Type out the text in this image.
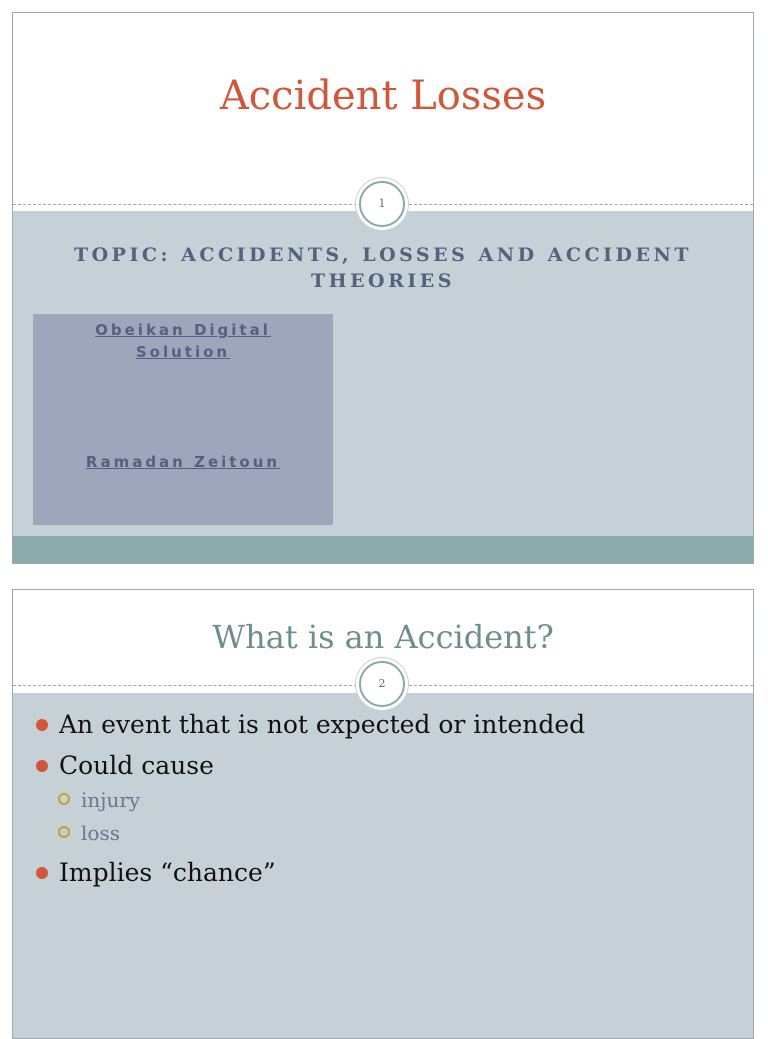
Accident Losses
1
TOPIC: ACCIDENTS, LOSSES AND ACCIDENT THEORIES
Obeikan Digital Solution
Ramadan Zeitoun
What is an Accident?
2
An event that is not expected or intended
Could cause
injury
loss
Implies “chance”
